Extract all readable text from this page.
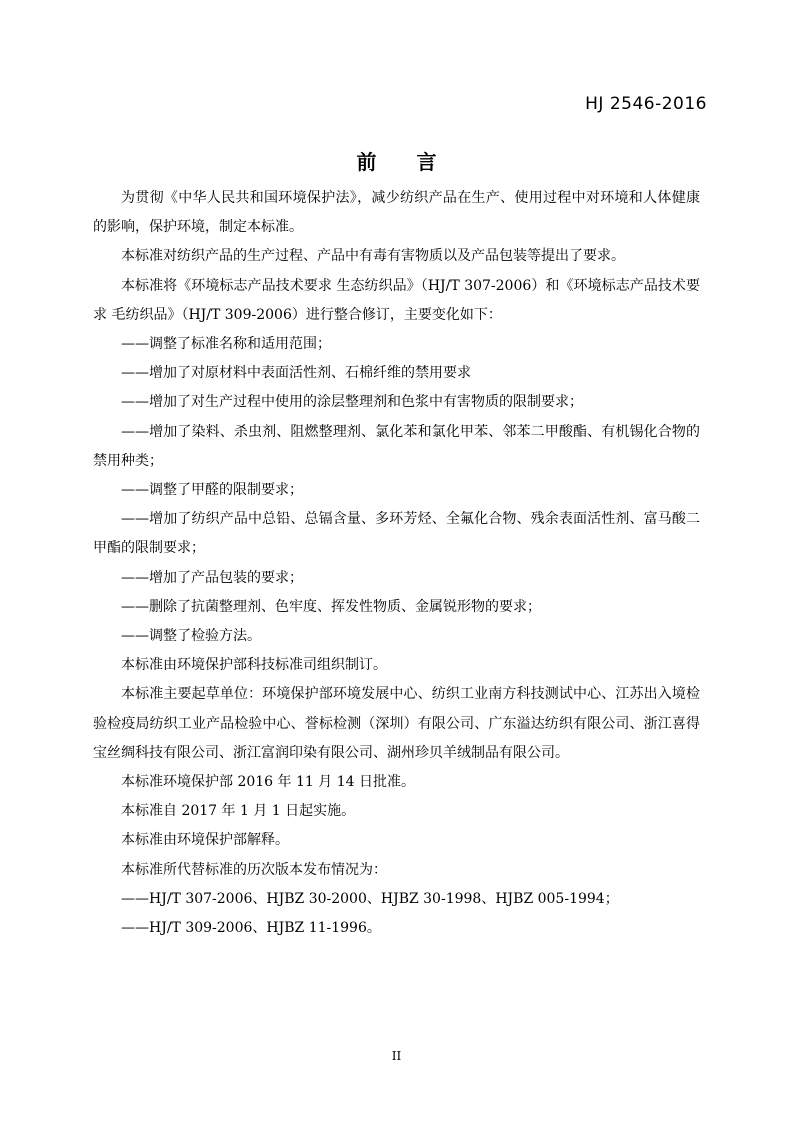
HJ 2546-2016

前 言

为贯彻《中华人民共和国环境保护法》，减少纺织产品在生产、使用过程中对环境和人体健康的影响，保护环境，制定本标准。

本标准对纺织产品的生产过程、产品中有毒有害物质以及产品包装等提出了要求。

本标准将《环境标志产品技术要求 生态纺织品》（HJ/T 307-2006）和《环境标志产品技术要求 毛纺织品》（HJ/T 309-2006）进行整合修订，主要变化如下：

——调整了标准名称和适用范围；

——增加了对原材料中表面活性剂、石棉纤维的禁用要求

——增加了对生产过程中使用的涂层整理剂和色浆中有害物质的限制要求；

——增加了染料、杀虫剂、阻燃整理剂、氯化苯和氯化甲苯、邻苯二甲酸酯、有机锡化合物的禁用种类；

——调整了甲醛的限制要求；

——增加了纺织产品中总铅、总镉含量、多环芳烃、全氟化合物、残余表面活性剂、富马酸二甲酯的限制要求；

——增加了产品包装的要求；

——删除了抗菌整理剂、色牢度、挥发性物质、金属锐形物的要求；

——调整了检验方法。

本标准由环境保护部科技标准司组织制订。

本标准主要起草单位：环境保护部环境发展中心、纺织工业南方科技测试中心、江苏出入境检验检疫局纺织工业产品检验中心、誉标检测（深圳）有限公司、广东溢达纺织有限公司、浙江喜得宝丝绸科技有限公司、浙江富润印染有限公司、湖州珍贝羊绒制品有限公司。

本标准环境保护部 2016 年 11 月 14 日批准。

本标准自 2017 年 1 月 1 日起实施。

本标准由环境保护部解释。

本标准所代替标准的历次版本发布情况为：

——HJ/T 307-2006、HJBZ 30-2000、HJBZ 30-1998、HJBZ 005-1994；

——HJ/T 309-2006、HJBZ 11-1996。

II
